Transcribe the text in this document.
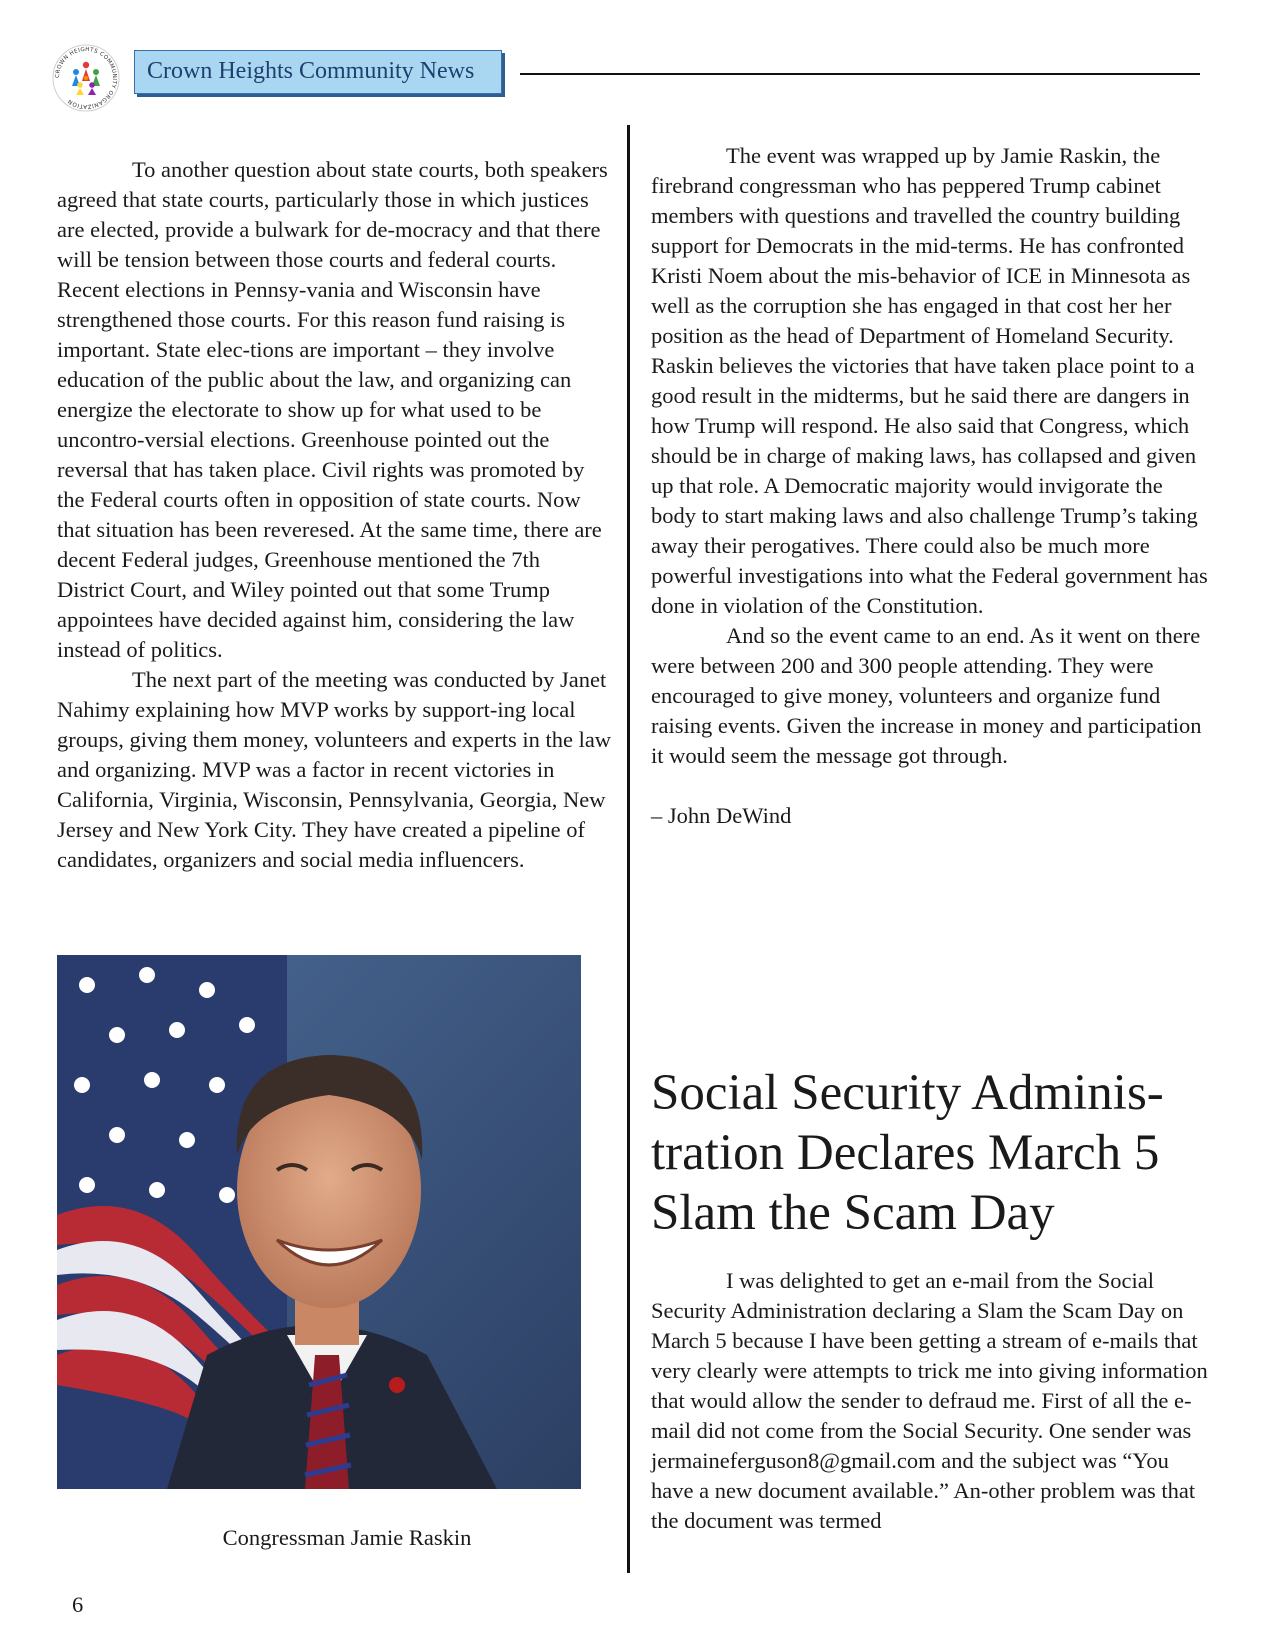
CROWN HEIGHTS COMMUNITY ORGANIZATION
Crown Heights Community News

To another question about state courts, both speakers agreed that state courts, particularly those in which justices are elected, provide a bulwark for de-mocracy and that there will be tension between those courts and federal courts. Recent elections in Pennsy-vania and Wisconsin have strengthened those courts. For this reason fund raising is important. State elec-tions are important – they involve education of the public about the law, and organizing can energize the electorate to show up for what used to be uncontro-versial elections. Greenhouse pointed out the reversal that has taken place. Civil rights was promoted by the Federal courts often in opposition of state courts. Now that situation has been reveresed. At the same time, there are decent Federal judges, Greenhouse mentioned the 7th District Court, and Wiley pointed out that some Trump appointees have decided against him, considering the law instead of politics.

The next part of the meeting was conducted by Janet Nahimy explaining how MVP works by support-ing local groups, giving them money, volunteers and experts in the law and organizing. MVP was a factor in recent victories in California, Virginia, Wisconsin, Pennsylvania, Georgia, New Jersey and New York City. They have created a pipeline of candidates, organizers and social media influencers.

Congressman Jamie Raskin

The event was wrapped up by Jamie Raskin, the firebrand congressman who has peppered Trump cabinet members with questions and travelled the country building support for Democrats in the mid-terms. He has confronted Kristi Noem about the mis-behavior of ICE in Minnesota as well as the corruption she has engaged in that cost her her position as the head of Department of Homeland Security. Raskin believes the victories that have taken place point to a good result in the midterms, but he said there are dangers in how Trump will respond. He also said that Congress, which should be in charge of making laws, has collapsed and given up that role. A Democratic majority would invigorate the body to start making laws and also challenge Trump’s taking away their perogatives. There could also be much more powerful investigations into what the Federal government has done in violation of the Constitution.

And so the event came to an end. As it went on there were between 200 and 300 people attending. They were encouraged to give money, volunteers and organize fund raising events. Given the increase in money and participation it would seem the message got through.

– John DeWind
Social Security Adminis-tration Declares March 5 Slam the Scam Day

I was delighted to get an e-mail from the Social Security Administration declaring a Slam the Scam Day on March 5 because I have been getting a stream of e-mails that very clearly were attempts to trick me into giving information that would allow the sender to defraud me. First of all the e-mail did not come from the Social Security. One sender was jermaineferguson8@gmail.com and the subject was “You have a new document available.” An-other problem was that the document was termed

6
